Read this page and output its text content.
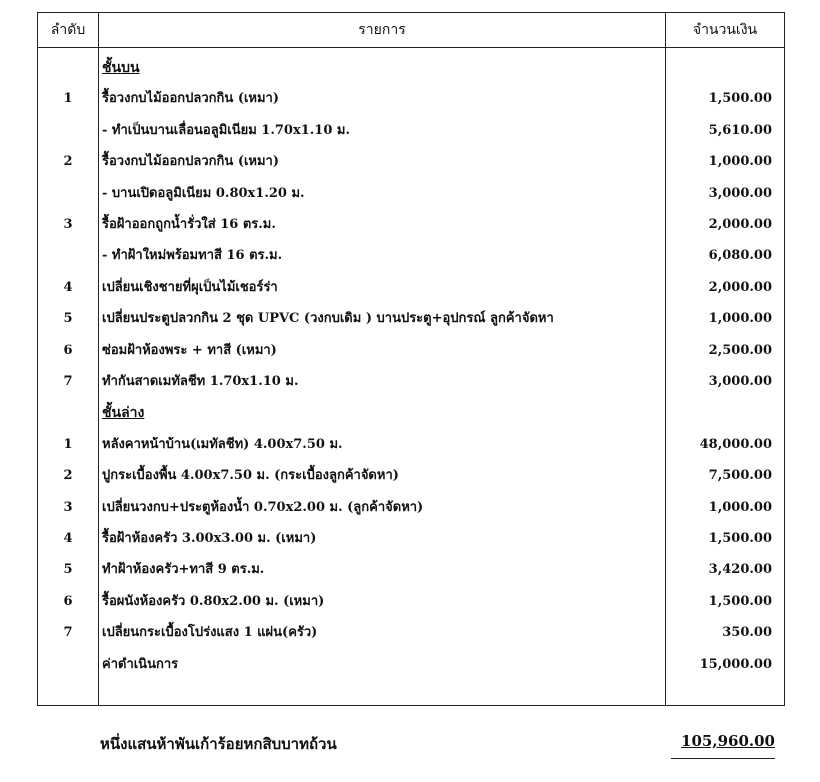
ลำดับ	รายการ	จำนวนเงิน
ชั้นบน
1	รื้อวงกบไม้ออกปลวกกิน (เหมา)	1,500.00
- ทำเป็นบานเลื่อนอลูมิเนียม 1.70x1.10 ม.	5,610.00
2	รื้อวงกบไม้ออกปลวกกิน (เหมา)	1,000.00
- บานเปิดอลูมิเนียม 0.80x1.20 ม.	3,000.00
3	รื้อฝ้าออกถูกน้ำรั่วใส่ 16 ตร.ม.	2,000.00
- ทำฝ้าใหม่พร้อมทาสี 16 ตร.ม.	6,080.00
4	เปลี่ยนเชิงชายที่ผุเป็นไม้เชอร์ร่า	2,000.00
5	เปลี่ยนประตูปลวกกิน 2 ชุด UPVC (วงกบเดิม ) บานประตู+อุปกรณ์ ลูกค้าจัดหา	1,000.00
6	ซ่อมฝ้าห้องพระ + ทาสี (เหมา)	2,500.00
7	ทำกันสาดเมทัลชีท 1.70x1.10 ม.	3,000.00
ชั้นล่าง
1	หลังคาหน้าบ้าน(เมทัลชีท) 4.00x7.50 ม.	48,000.00
2	ปูกระเบื้องพื้น 4.00x7.50 ม. (กระเบื้องลูกค้าจัดหา)	7,500.00
3	เปลี่ยนวงกบ+ประตูห้องน้ำ 0.70x2.00 ม. (ลูกค้าจัดหา)	1,000.00
4	รื้อฝ้าห้องครัว 3.00x3.00 ม. (เหมา)	1,500.00
5	ทำฝ้าห้องครัว+ทาสี 9 ตร.ม.	3,420.00
6	รื้อผนังห้องครัว 0.80x2.00 ม. (เหมา)	1,500.00
7	เปลี่ยนกระเบื้องโปร่งแสง 1 แผ่น(ครัว)	350.00
ค่าดำเนินการ	15,000.00
หนึ่งแสนห้าพันเก้าร้อยหกสิบบาทถ้วน	105,960.00
